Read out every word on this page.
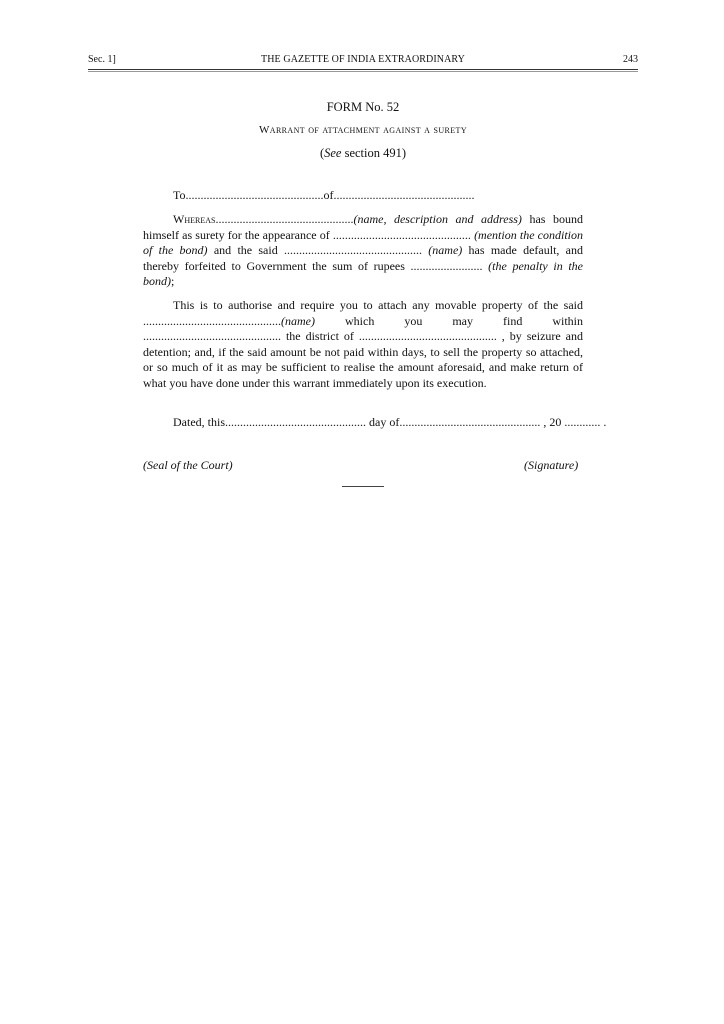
Sec. 1]	THE GAZETTE OF INDIA EXTRAORDINARY	243
FORM No. 52
Warrant of attachment against a surety
(See section 491)
To..............................................of...............................................
Whereas..............................................(name, description and address) has bound himself as surety for the appearance of .............................................. (mention the condition of the bond) and the said .............................................. (name) has made default, and thereby forfeited to Government the sum of rupees ........................ (the penalty in the bond);
This is to authorise and require you to attach any movable property of the said ..............................................(name) which you may find within .............................................. the district of .............................................. , by seizure and detention; and, if the said amount be not paid within days, to sell the property so attached, or so much of it as may be sufficient to realise the amount aforesaid, and make return of what you have done under this warrant immediately upon its execution.
Dated, this............................................... day of............................................... , 20 ............ .
(Seal of the Court)	(Signature)
